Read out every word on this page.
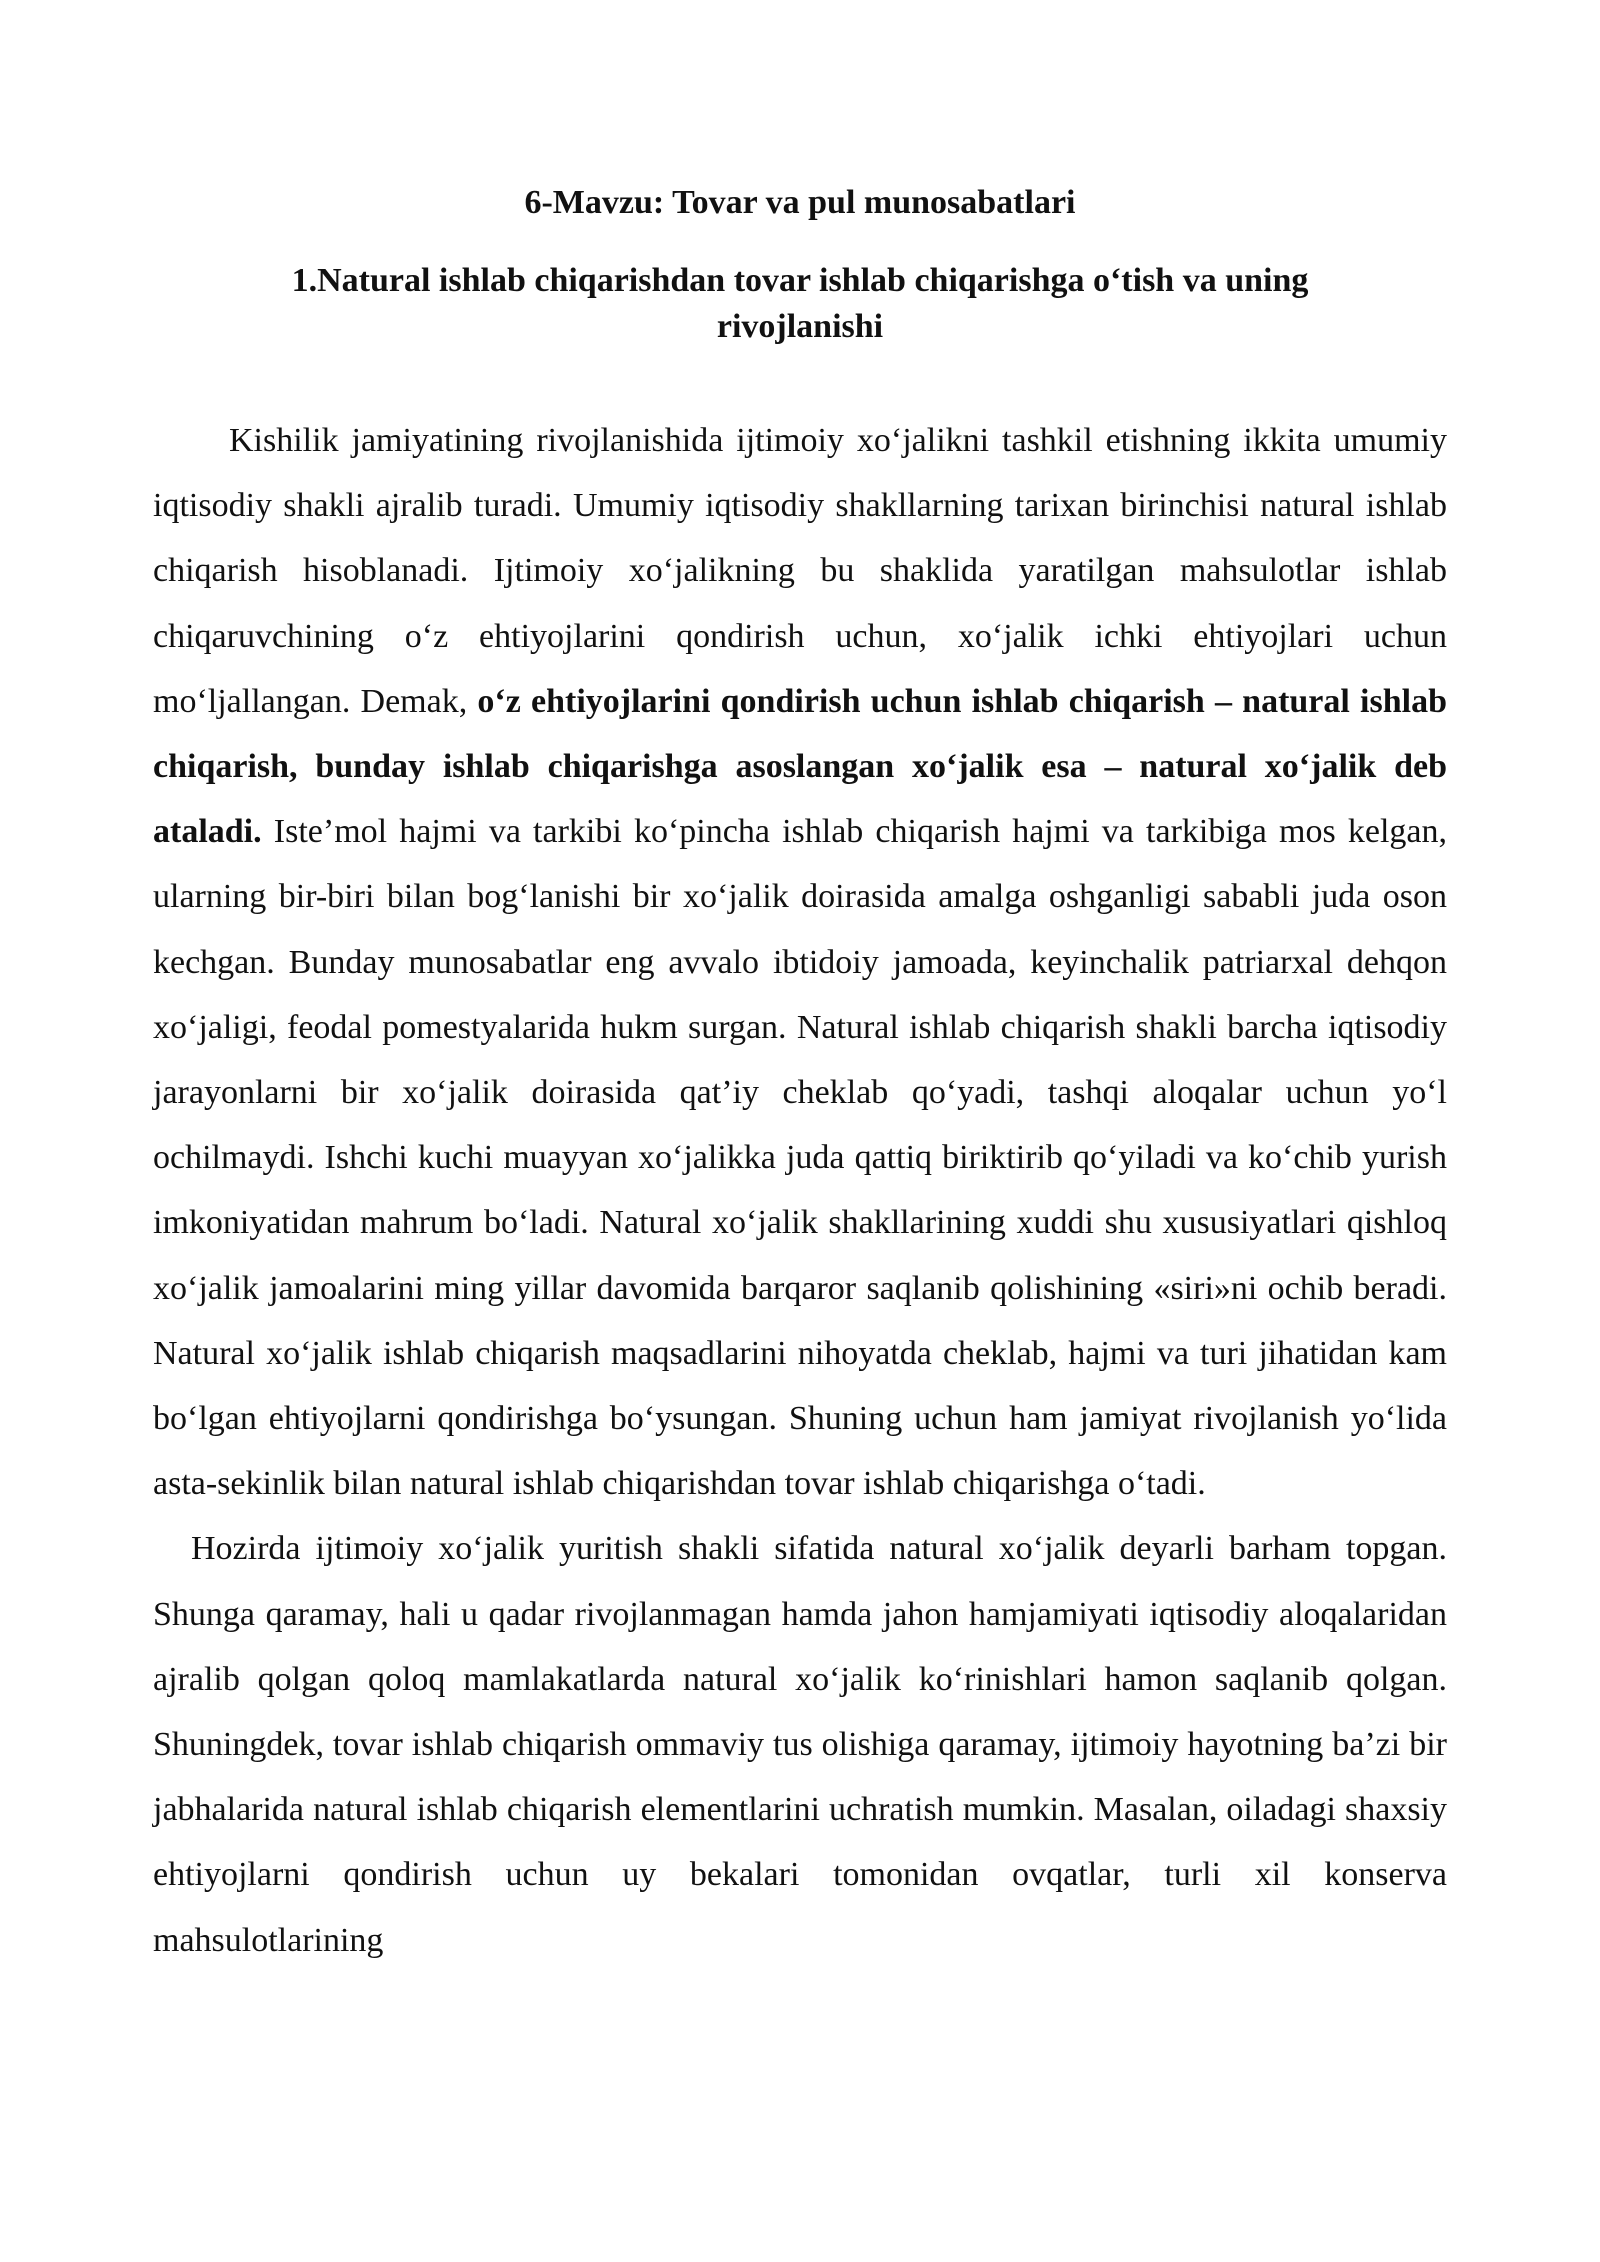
6-Mavzu: Tovar va pul munosabatlari
1.Natural ishlab chiqarishdan tovar ishlab chiqarishga o‘tish va uning rivojlanishi

Kishilik jamiyatining rivojlanishida ijtimoiy xo‘jalikni tashkil etishning ikkita umumiy iqtisodiy shakli ajralib turadi. Umumiy iqtisodiy shakllarning tarixan birinchisi natural ishlab chiqarish hisoblanadi. Ijtimoiy xo‘jalikning bu shaklida yaratilgan mahsulotlar ishlab chiqaruvchining o‘z ehtiyojlarini qondirish uchun, xo‘jalik ichki ehtiyojlari uchun mo‘ljallangan. Demak, o‘z ehtiyojlarini qondirish uchun ishlab chiqarish – natural ishlab chiqarish, bunday ishlab chiqarishga asoslangan xo‘jalik esa – natural xo‘jalik deb ataladi. Iste’mol hajmi va tarkibi ko‘pincha ishlab chiqarish hajmi va tarkibiga mos kelgan, ularning bir-biri bilan bog‘lanishi bir xo‘jalik doirasida amalga oshganligi sababli juda oson kechgan. Bunday munosabatlar eng avvalo ibtidoiy jamoada, keyinchalik patriarxal dehqon xo‘jaligi, feodal pomestyalarida hukm surgan. Natural ishlab chiqarish shakli barcha iqtisodiy jarayonlarni bir xo‘jalik doirasida qat’iy cheklab qo‘yadi, tashqi aloqalar uchun yo‘l ochilmaydi. Ishchi kuchi muayyan xo‘jalikka juda qattiq biriktirib qo‘yiladi va ko‘chib yurish imkoniyatidan mahrum bo‘ladi. Natural xo‘jalik shakllarining xuddi shu xususiyatlari qishloq xo‘jalik jamoalarini ming yillar davomida barqaror saqlanib qolishining «siri»ni ochib beradi. Natural xo‘jalik ishlab chiqarish maqsadlarini nihoyatda cheklab, hajmi va turi jihatidan kam bo‘lgan ehtiyojlarni qondirishga bo‘ysungan. Shuning uchun ham jamiyat rivojlanish yo‘lida asta-sekinlik bilan natural ishlab chiqarishdan tovar ishlab chiqarishga o‘tadi.

Hozirda ijtimoiy xo‘jalik yuritish shakli sifatida natural xo‘jalik deyarli barham topgan. Shunga qaramay, hali u qadar rivojlanmagan hamda jahon hamjamiyati iqtisodiy aloqalaridan ajralib qolgan qoloq mamlakatlarda natural xo‘jalik ko‘rinishlari hamon saqlanib qolgan. Shuningdek, tovar ishlab chiqarish ommaviy tus olishiga qaramay, ijtimoiy hayotning ba’zi bir jabhalarida natural ishlab chiqarish elementlarini uchratish mumkin. Masalan, oiladagi shaxsiy ehtiyojlarni qondirish uchun uy bekalari tomonidan ovqatlar, turli xil konserva mahsulotlarining
